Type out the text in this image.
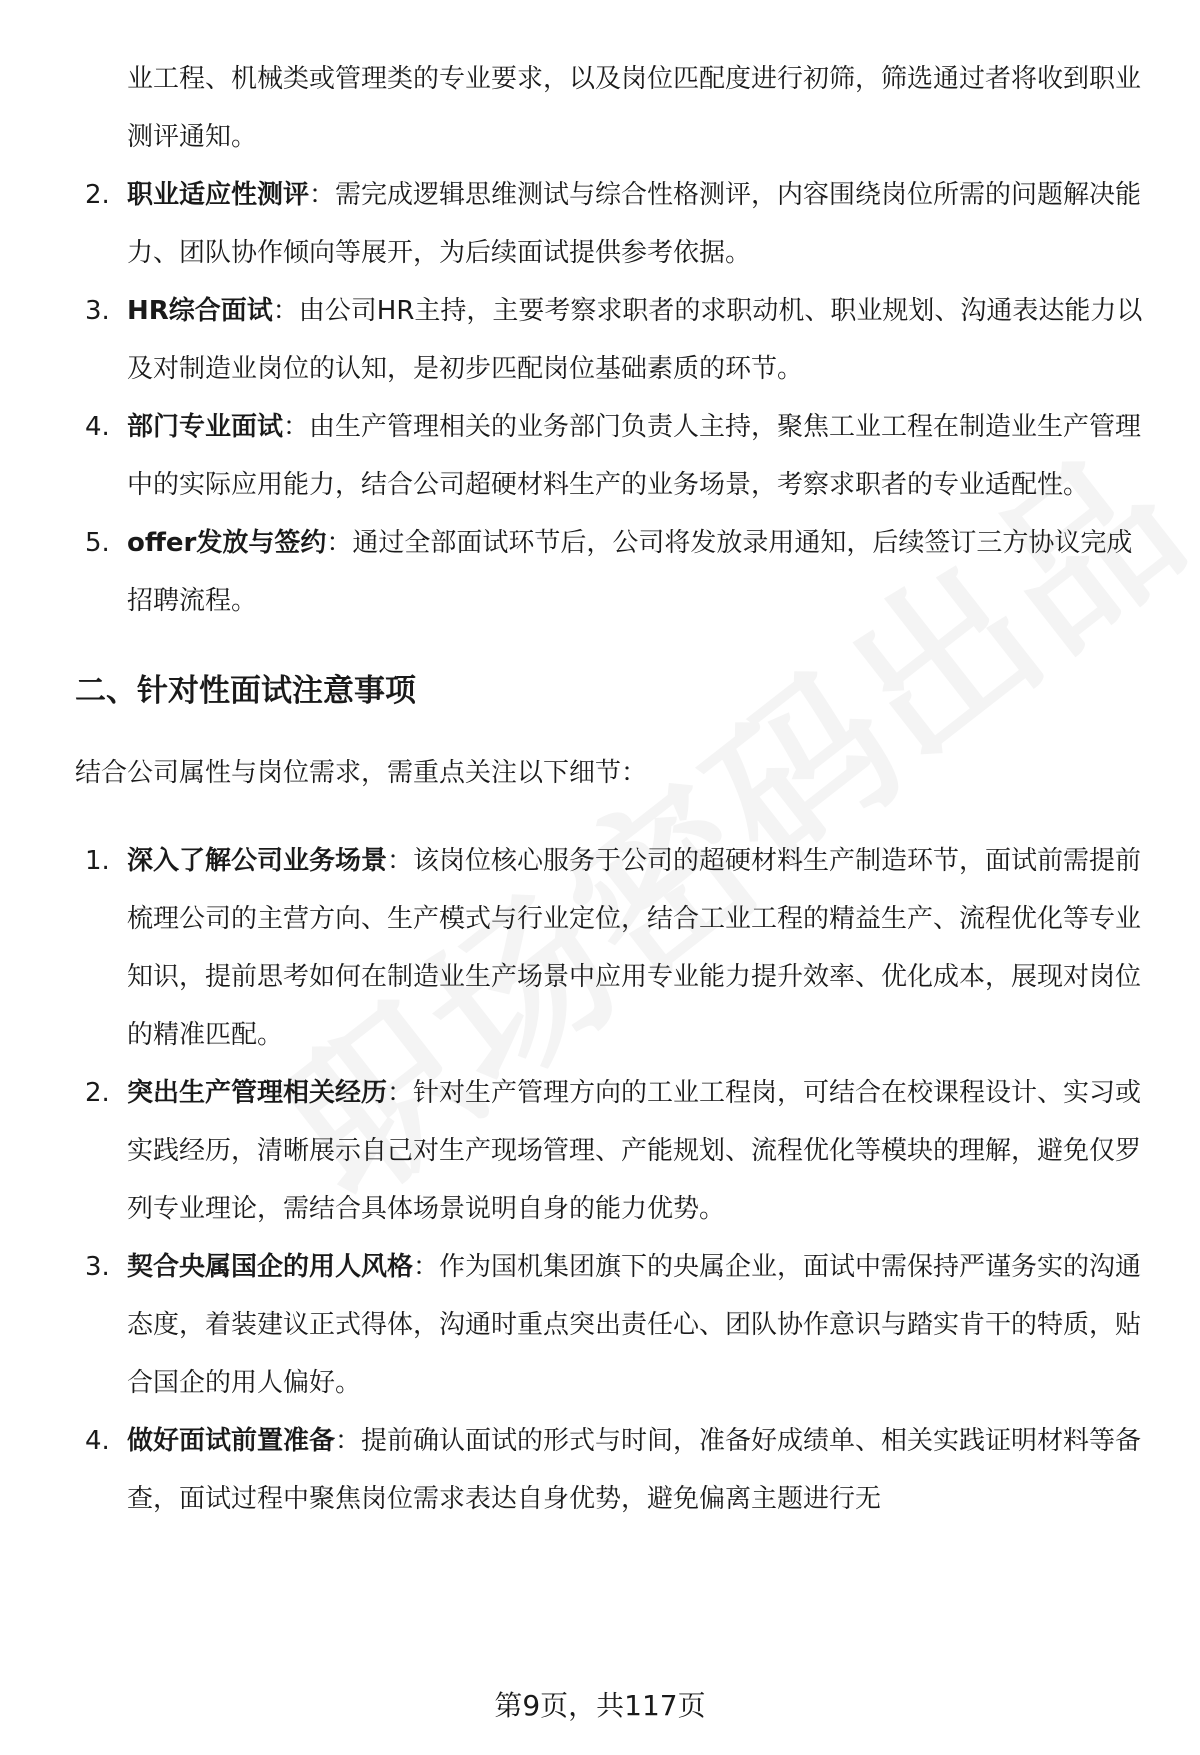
业工程、机械类或管理类的专业要求，以及岗位匹配度进行初筛，筛选通过者将收到职业测评通知。
2. 职业适应性测评：需完成逻辑思维测试与综合性格测评，内容围绕岗位所需的问题解决能力、团队协作倾向等展开，为后续面试提供参考依据。
3. HR综合面试：由公司HR主持，主要考察求职者的求职动机、职业规划、沟通表达能力以及对制造业岗位的认知，是初步匹配岗位基础素质的环节。
4. 部门专业面试：由生产管理相关的业务部门负责人主持，聚焦工业工程在制造业生产管理中的实际应用能力，结合公司超硬材料生产的业务场景，考察求职者的专业适配性。
5. offer发放与签约：通过全部面试环节后，公司将发放录用通知，后续签订三方协议完成招聘流程。
二、针对性面试注意事项

结合公司属性与岗位需求，需重点关注以下细节：

1. 深入了解公司业务场景：该岗位核心服务于公司的超硬材料生产制造环节，面试前需提前梳理公司的主营方向、生产模式与行业定位，结合工业工程的精益生产、流程优化等专业知识，提前思考如何在制造业生产场景中应用专业能力提升效率、优化成本，展现对岗位的精准匹配。
2. 突出生产管理相关经历：针对生产管理方向的工业工程岗，可结合在校课程设计、实习或实践经历，清晰展示自己对生产现场管理、产能规划、流程优化等模块的理解，避免仅罗列专业理论，需结合具体场景说明自身的能力优势。
3. 契合央属国企的用人风格：作为国机集团旗下的央属企业，面试中需保持严谨务实的沟通态度，着装建议正式得体，沟通时重点突出责任心、团队协作意识与踏实肯干的特质，贴合国企的用人偏好。
4. 做好面试前置准备：提前确认面试的形式与时间，准备好成绩单、相关实践证明材料等备查，面试过程中聚焦岗位需求表达自身优势，避免偏离主题进行无
第9页，共117页
